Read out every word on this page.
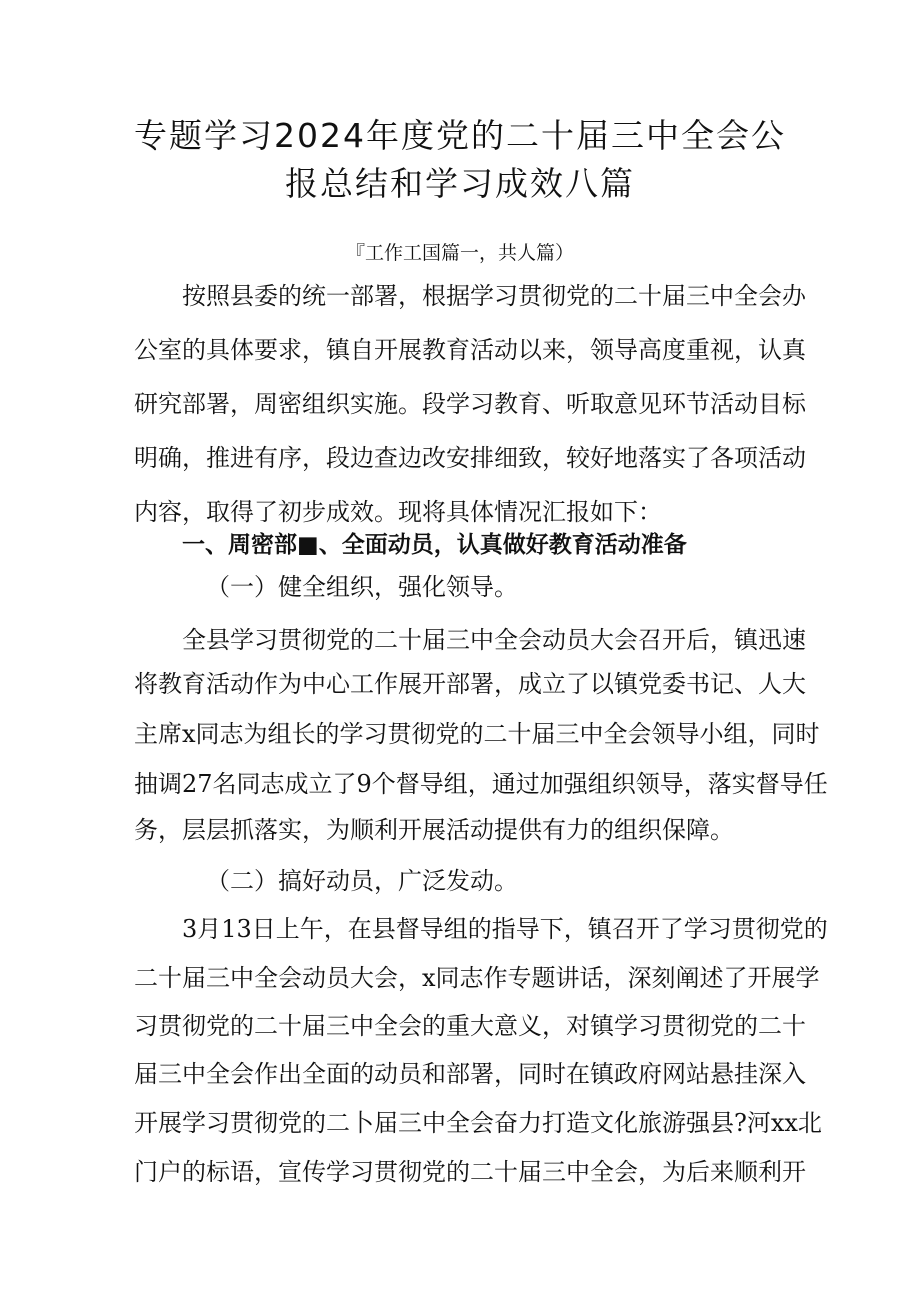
专题学习2024年度党的二十届三中全会公
报总结和学习成效八篇
『工作工国篇一，共人篇）

按照县委的统一部署，根据学习贯彻党的二十届三中全会办

公室的具体要求，镇自开展教育活动以来，领导高度重视，认真

研究部署，周密组织实施。段学习教育、听取意见环节活动目标

明确，推进有序，段边查边改安排细致，较好地落实了各项活动

内容，取得了初步成效。现将具体情况汇报如下：

一、周密部■、全面动员，认真做好教育活动准备

（一）健全组织，强化领导。

全县学习贯彻党的二十届三中全会动员大会召开后，镇迅速

将教育活动作为中心工作展开部署，成立了以镇党委书记、人大

主席x同志为组长的学习贯彻党的二十届三中全会领导小组，同时

抽调27名同志成立了9个督导组，通过加强组织领导，落实督导任

务，层层抓落实，为顺利开展活动提供有力的组织保障。

（二）搞好动员，广泛发动。

3月13日上午，在县督导组的指导下，镇召开了学习贯彻党的

二十届三中全会动员大会，x同志作专题讲话，深刻阐述了开展学

习贯彻党的二十届三中全会的重大意义，对镇学习贯彻党的二十

届三中全会作出全面的动员和部署，同时在镇政府网站悬挂深入

开展学习贯彻党的二卜届三中全会奋力打造文化旅游强县?河xx北

门户的标语，宣传学习贯彻党的二十届三中全会，为后来顺利开
